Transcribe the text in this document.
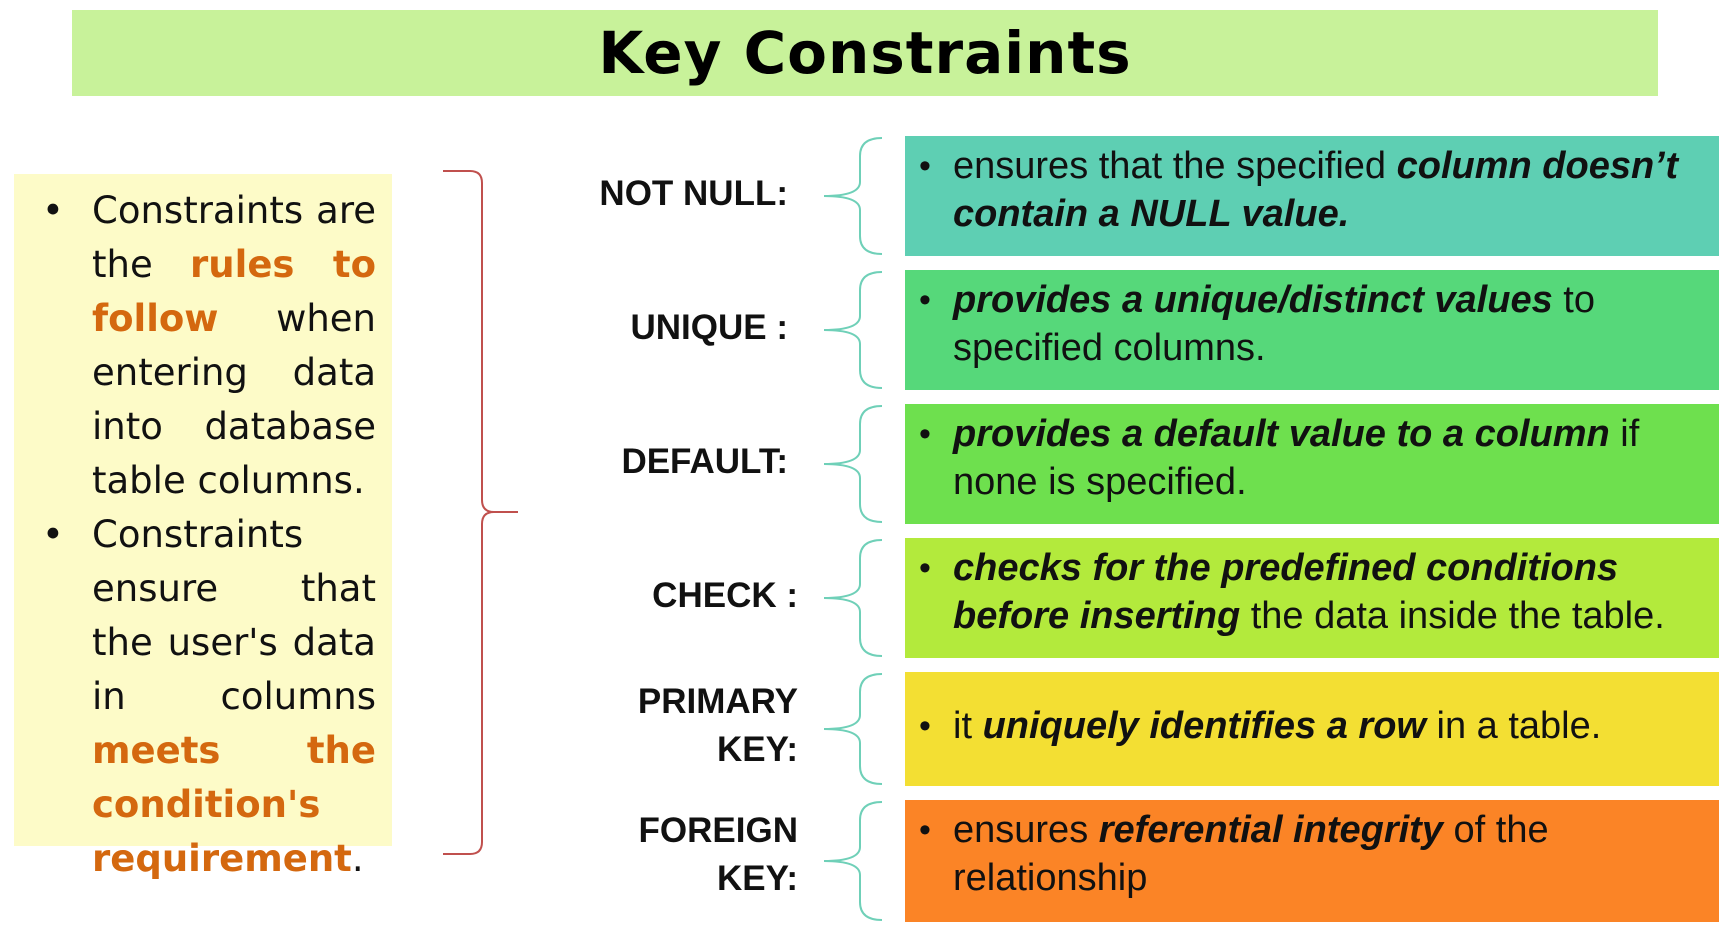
Key Constraints
• Constraints are the rules to follow when entering data into database table columns.
• Constraints ensure that the user's data in columns meets the condition's requirement.
NOT NULL:
UNIQUE :
DEFAULT:
CHECK :
PRIMARY
KEY:
FOREIGN
KEY:
• ensures that the specified column doesn’t contain a NULL value.
• provides a unique/distinct values to specified columns.
• provides a default value to a column if none is specified.
• checks for the predefined conditions before inserting the data inside the table.
• it uniquely identifies a row in a table.
• ensures referential integrity of the relationship
